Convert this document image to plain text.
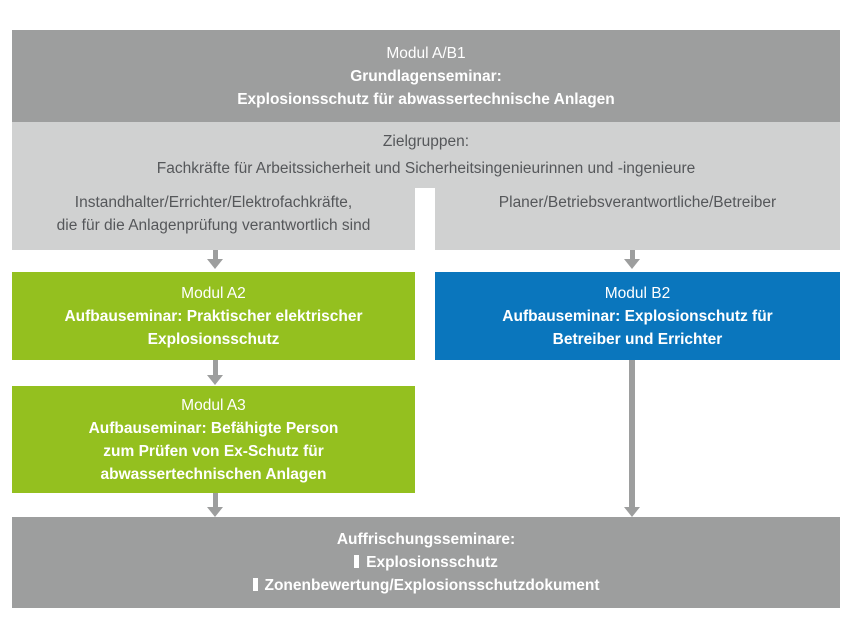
Modul A/B1
Grundlagenseminar:
Explosionsschutz für abwassertechnische Anlagen
Zielgruppen:
Fachkräfte für Arbeitssicherheit und Sicherheitsingenieurinnen und -ingenieure
Instandhalter/Errichter/Elektrofachkräfte,
die für die Anlagenprüfung verantwortlich sind
Planer/Betriebsverantwortliche/Betreiber
Modul A2
Aufbauseminar: Praktischer elektrischer
Explosionsschutz
Modul B2
Aufbauseminar: Explosionschutz für
Betreiber und Errichter
Modul A3
Aufbauseminar: Befähigte Person
zum Prüfen von Ex-Schutz für
abwassertechnischen Anlagen
Auffrischungsseminare:
Explosionsschutz
Zonenbewertung/Explosionsschutzdokument
